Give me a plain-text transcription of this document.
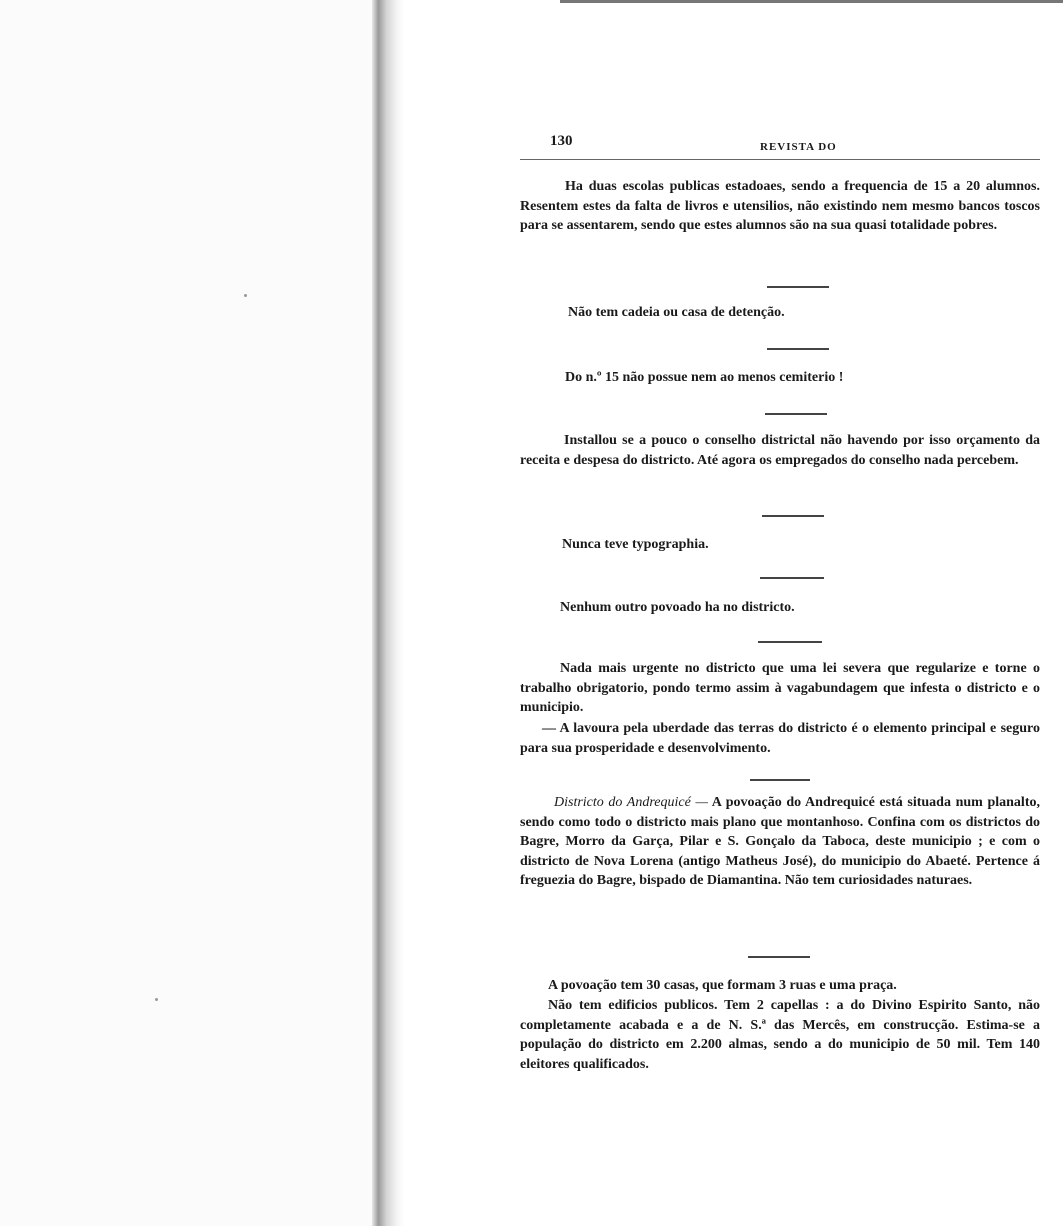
130	REVISTA DO

Ha duas escolas publicas estadoaes, sendo a frequencia de 15 a 20 alumnos. Resentem estes da falta de livros e utensilios, não existindo nem mesmo bancos toscos para se assentarem, sendo que estes alumnos são na sua quasi totalidade pobres.

Não tem cadeia ou casa de detenção.

Do n.º 15 não possue nem ao menos cemiterio !

Installou se a pouco o conselho districtal não havendo por isso orçamento da receita e despesa do districto. Até agora os empregados do conselho nada percebem.

Nunca teve typographia.

Nenhum outro povoado ha no districto.

Nada mais urgente no districto que uma lei severa que regularize e torne o trabalho obrigatorio, pondo termo assim à vagabundagem que infesta o districto e o municipio.

— A lavoura pela uberdade das terras do districto é o elemento principal e seguro para sua prosperidade e desenvolvimento.

Districto do Andrequicé — A povoação do Andrequicé está situada num planalto, sendo como todo o districto mais plano que montanhoso. Confina com os districtos do Bagre, Morro da Garça, Pilar e S. Gonçalo da Taboca, deste municipio ; e com o districto de Nova Lorena (antigo Matheus José), do municipio do Abaeté. Pertence á freguezia do Bagre, bispado de Diamantina. Não tem curiosidades naturaes.

A povoação tem 30 casas, que formam 3 ruas e uma praça.

Não tem edificios publicos. Tem 2 capellas : a do Divino Espirito Santo, não completamente acabada e a de N. S.ª das Mercês, em construcção. Estima-se a população do districto em 2.200 almas, sendo a do municipio de 50 mil. Tem 140 eleitores qualificados.
